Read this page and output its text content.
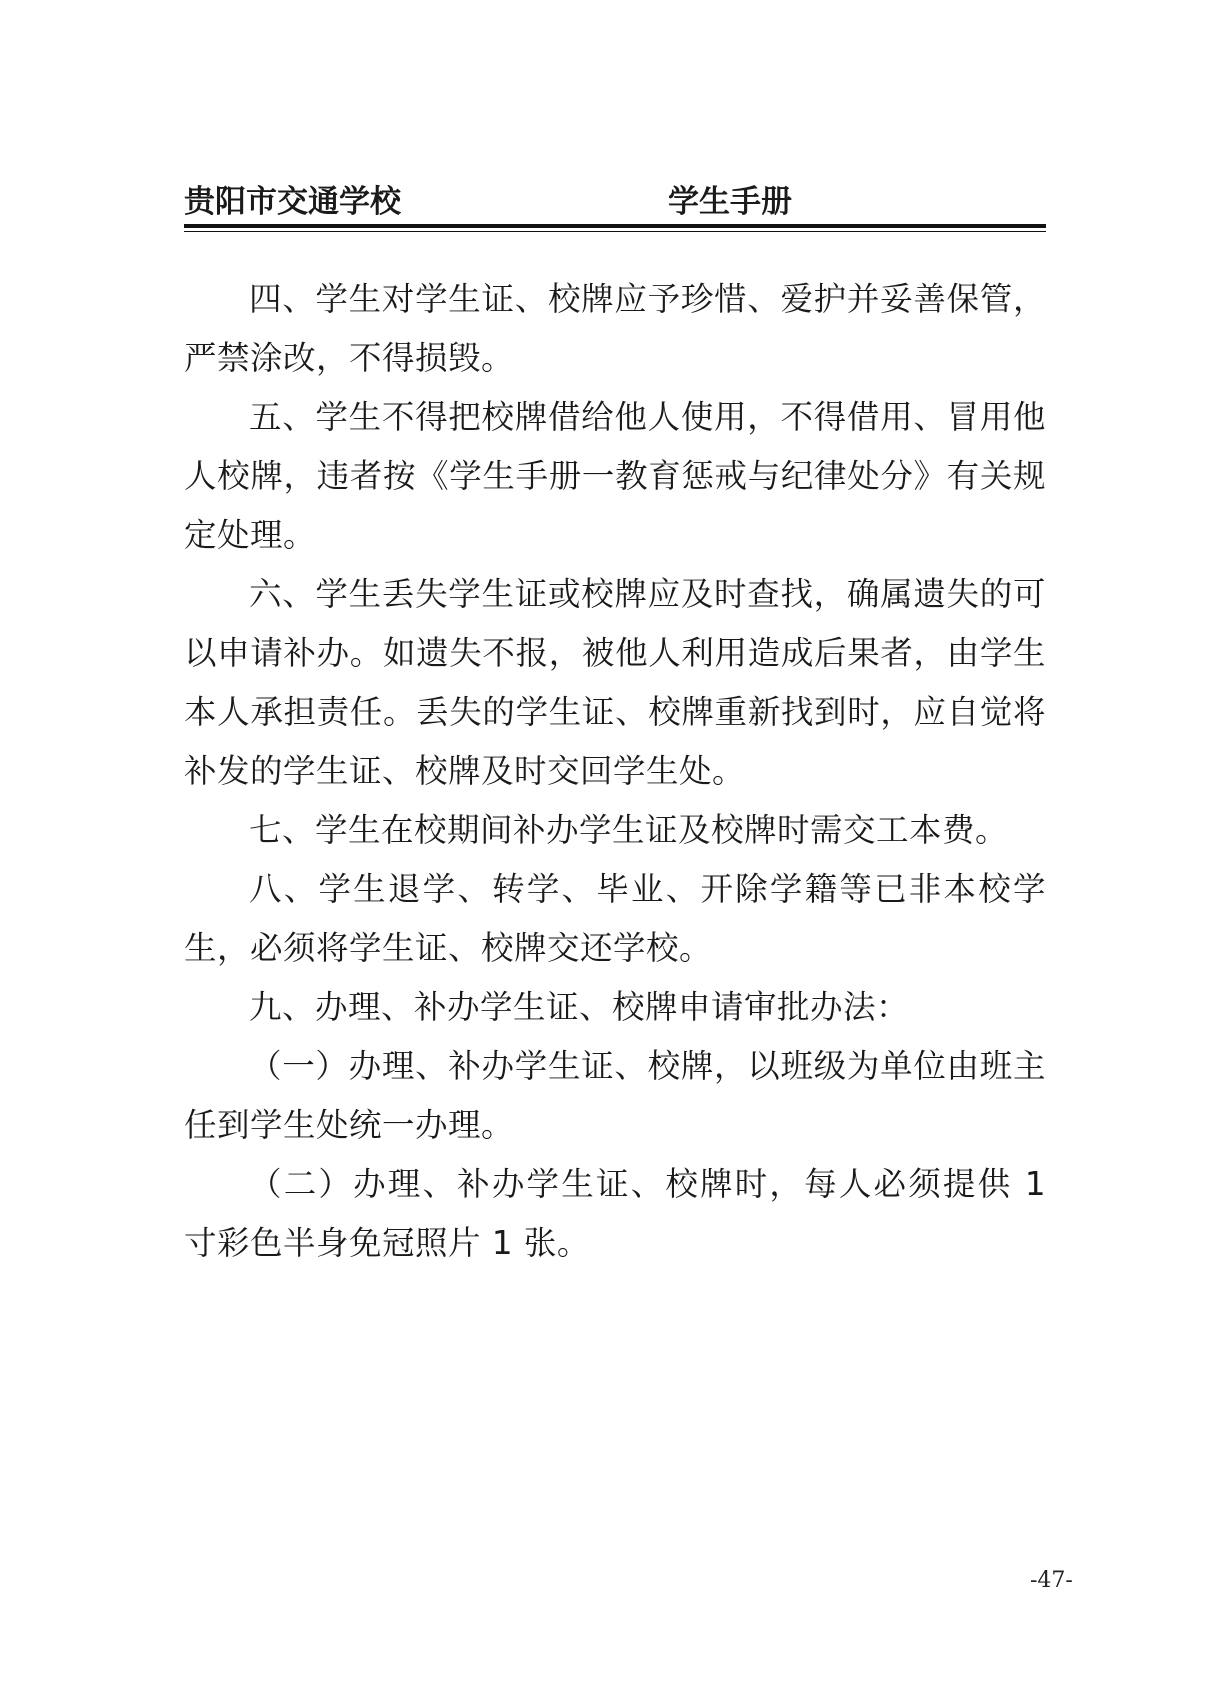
贵阳市交通学校	学生手册

四、学生对学生证、校牌应予珍惜、爱护并妥善保管，严禁涂改，不得损毁。

五、学生不得把校牌借给他人使用，不得借用、冒用他人校牌，违者按《学生手册一教育惩戒与纪律处分》有关规定处理。

六、学生丢失学生证或校牌应及时查找，确属遗失的可以申请补办。如遗失不报，被他人利用造成后果者，由学生本人承担责任。丢失的学生证、校牌重新找到时，应自觉将补发的学生证、校牌及时交回学生处。

七、学生在校期间补办学生证及校牌时需交工本费。

八、学生退学、转学、毕业、开除学籍等已非本校学生，必须将学生证、校牌交还学校。

九、办理、补办学生证、校牌申请审批办法：

（一）办理、补办学生证、校牌，以班级为单位由班主任到学生处统一办理。

（二）办理、补办学生证、校牌时，每人必须提供 1 寸彩色半身免冠照片 1 张。

-47-
